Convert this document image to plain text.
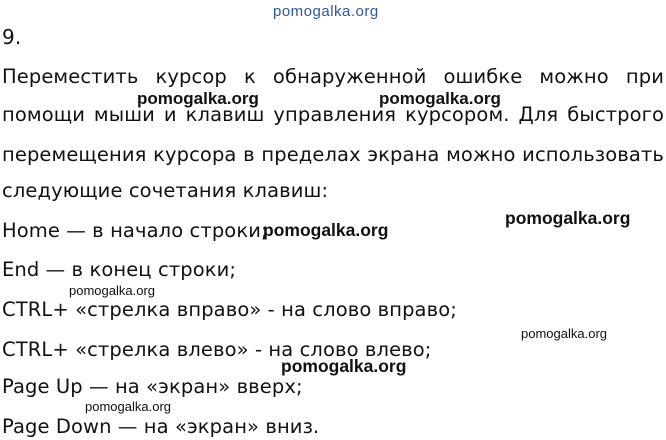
pomogalka.org
9.
Переместить курсор к обнаруженной ошибке можно при
помощи мыши и клавиш управления курсором. Для быстрого
перемещения курсора в пределах экрана можно использовать
следующие сочетания клавиш:
Home — в начало строки;
End — в конец строки;
CTRL+ «стрелка вправо» - на слово вправо;
CTRL+ «стрелка влево» - на слово влево;
Page Up — на «экран» вверх;
Page Down — на «экран» вниз.
pomogalka.org	pomogalka.org
pomogalka.org
pomogalka.org
pomogalka.org
pomogalka.org
pomogalka.org
pomogalka.org
